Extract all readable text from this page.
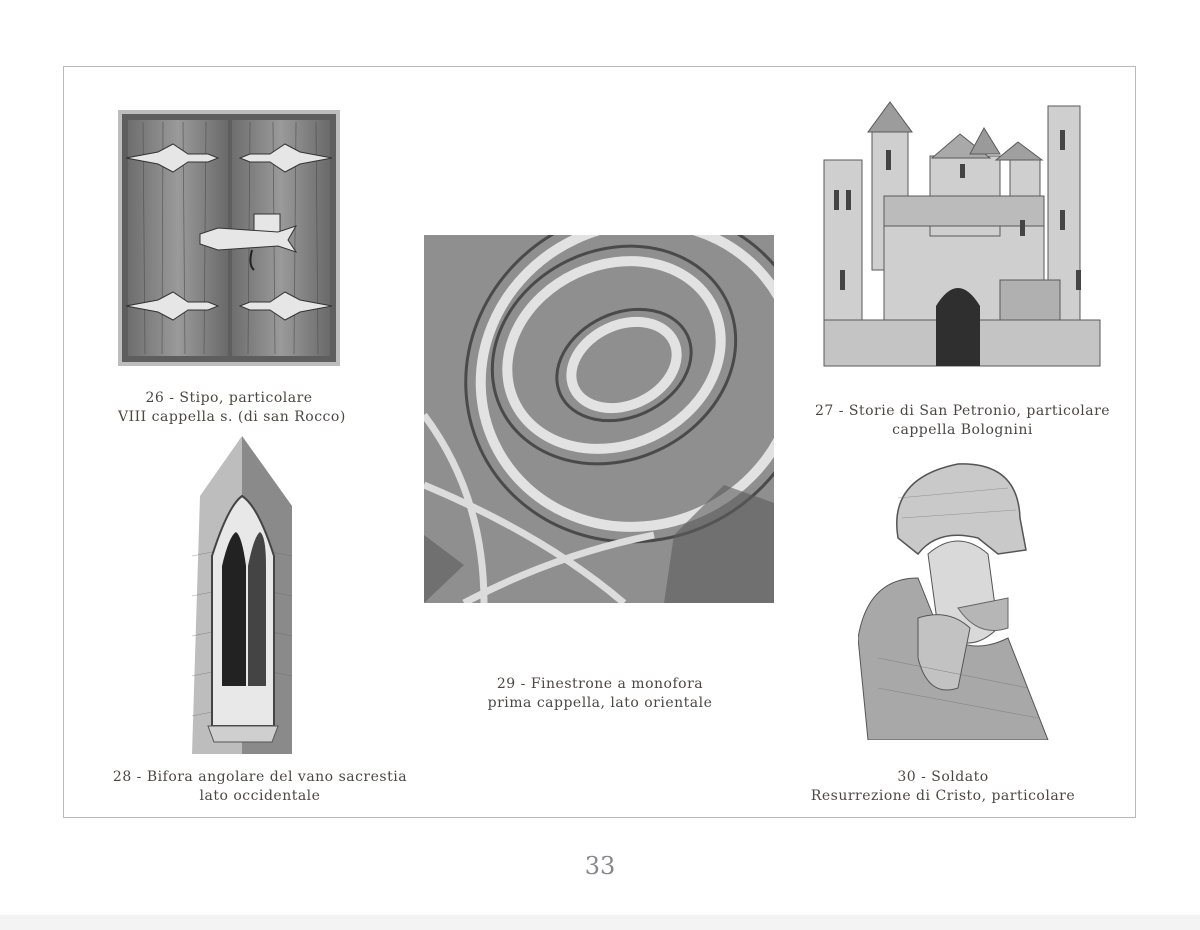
26 - Stipo, particolare
VIII cappella s. (di san Rocco)	27 - Storie di San Petronio, particolare
cappella Bolognini
29 - Finestrone a monofora
prima cappella, lato orientale
28 - Bifora angolare del vano sacrestia
lato occidentale
30 - Soldato
Resurrezione di Cristo, particolare
33
